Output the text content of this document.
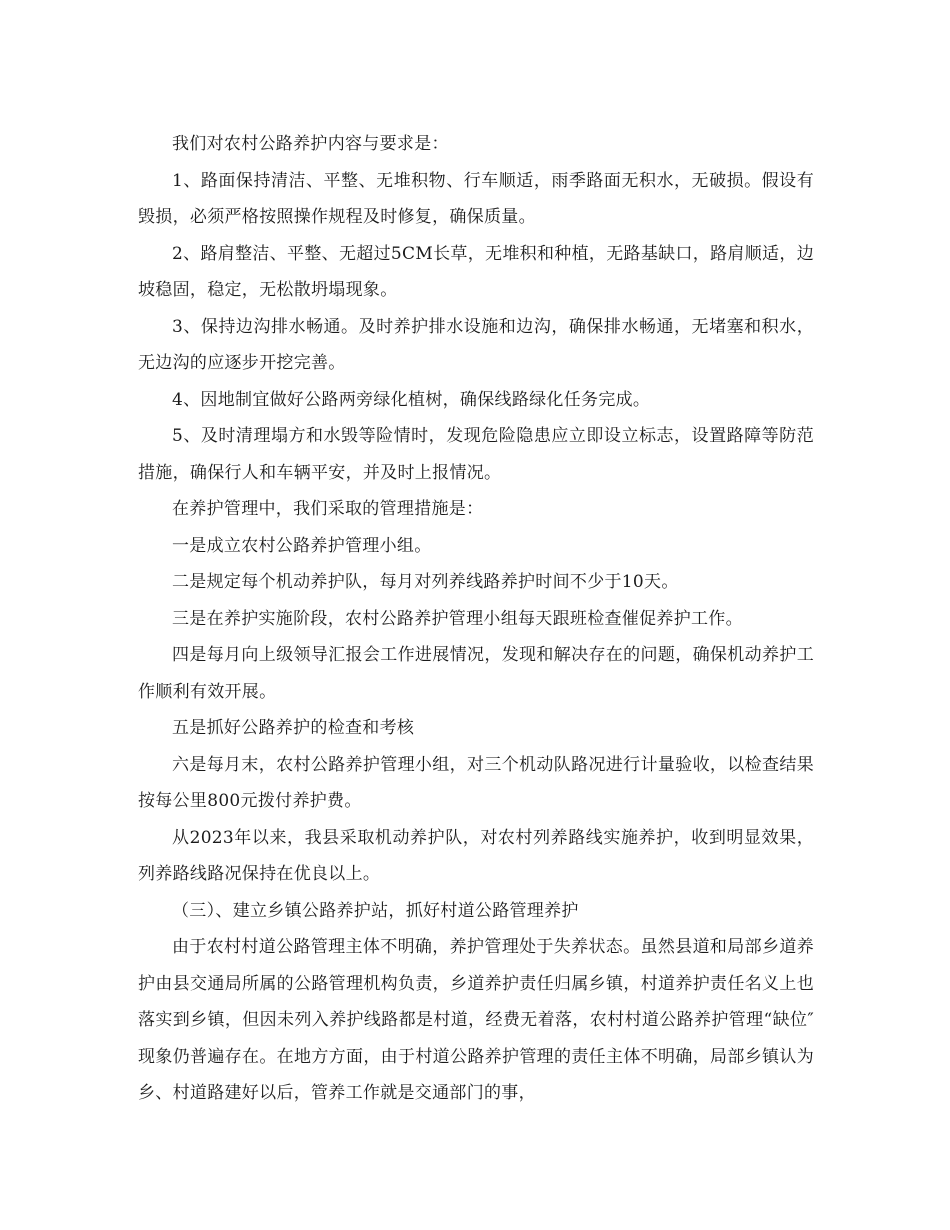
我们对农村公路养护内容与要求是：

1、路面保持清洁、平整、无堆积物、行车顺适，雨季路面无积水，无破损。假设有毁损，必须严格按照操作规程及时修复，确保质量。

2、路肩整洁、平整、无超过5CM长草，无堆积和种植，无路基缺口，路肩顺适，边坡稳固，稳定，无松散坍塌现象。

3、保持边沟排水畅通。及时养护排水设施和边沟，确保排水畅通，无堵塞和积水，无边沟的应逐步开挖完善。

4、因地制宜做好公路两旁绿化植树，确保线路绿化任务完成。

5、及时清理塌方和水毁等险情时，发现危险隐患应立即设立标志，设置路障等防范措施，确保行人和车辆平安，并及时上报情况。

在养护管理中，我们采取的管理措施是：

一是成立农村公路养护管理小组。

二是规定每个机动养护队，每月对列养线路养护时间不少于10天。

三是在养护实施阶段，农村公路养护管理小组每天跟班检查催促养护工作。

四是每月向上级领导汇报会工作进展情况，发现和解决存在的问题，确保机动养护工作顺利有效开展。

五是抓好公路养护的检查和考核

六是每月末，农村公路养护管理小组，对三个机动队路况进行计量验收，以检查结果按每公里800元拨付养护费。

从2023年以来，我县采取机动养护队，对农村列养路线实施养护，收到明显效果，列养路线路况保持在优良以上。

（三）、建立乡镇公路养护站，抓好村道公路管理养护

由于农村村道公路管理主体不明确，养护管理处于失养状态。虽然县道和局部乡道养护由县交通局所属的公路管理机构负责，乡道养护责任归属乡镇，村道养护责任名义上也落实到乡镇，但因未列入养护线路都是村道，经费无着落，农村村道公路养护管理“缺位″ 现象仍普遍存在。在地方方面，由于村道公路养护管理的责任主体不明确，局部乡镇认为乡、村道路建好以后，管养工作就是交通部门的事，
